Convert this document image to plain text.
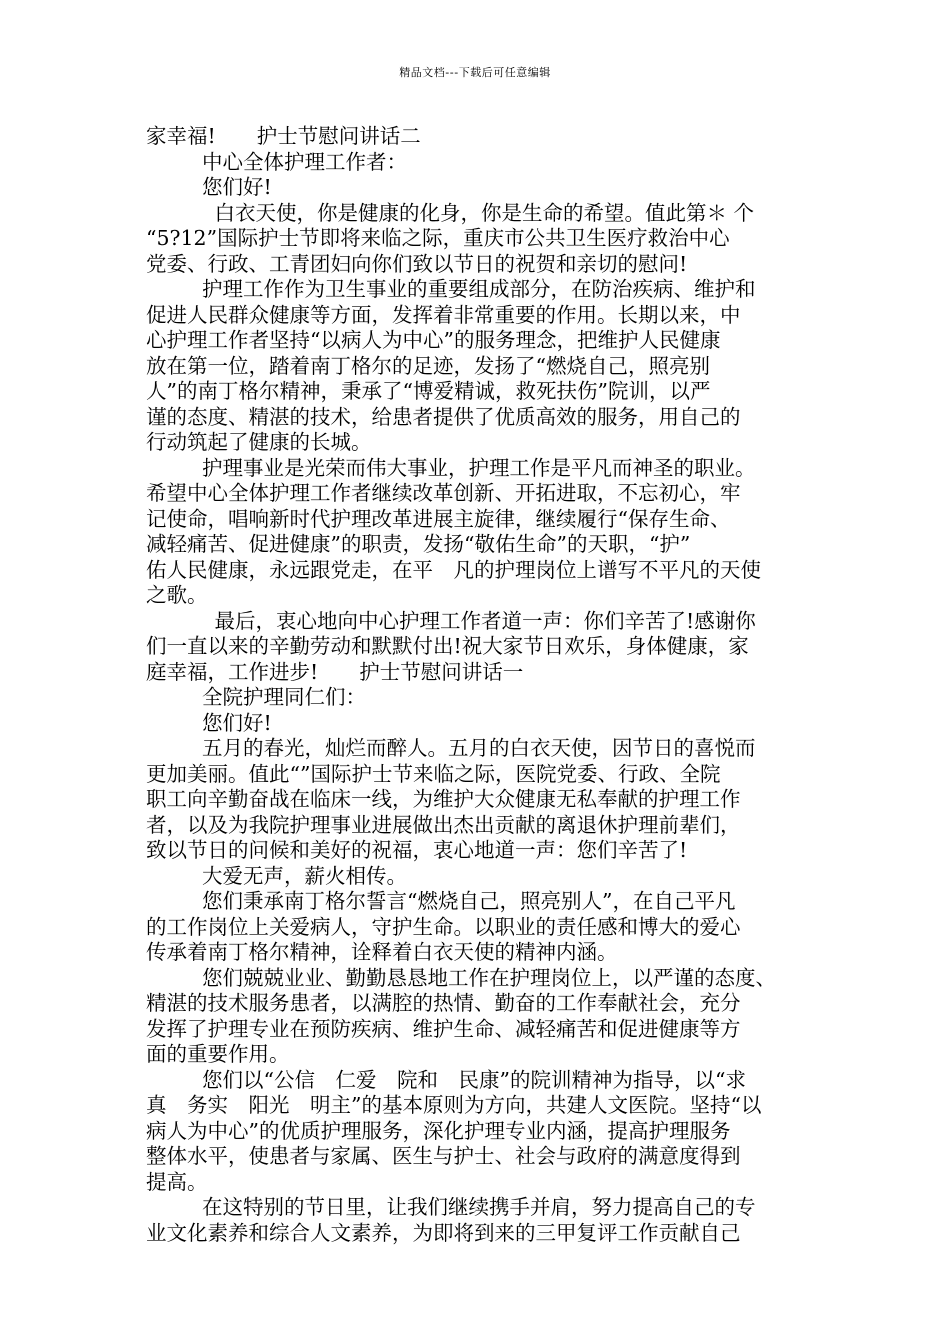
精品文档---下载后可任意编辑
家幸福!　　护士节慰问讲话二
中心全体护理工作者：
您们好!
白衣天使，你是健康的化身，你是生命的希望。值此第＊ 个
“5?12”国际护士节即将来临之际，重庆市公共卫生医疗救治中心
党委、行政、工青团妇向你们致以节日的祝贺和亲切的慰问!
护理工作作为卫生事业的重要组成部分，在防治疾病、维护和
促进人民群众健康等方面，发挥着非常重要的作用。长期以来，中
心护理工作者坚持“以病人为中心”的服务理念，把维护人民健康
放在第一位，踏着南丁格尔的足迹，发扬了“燃烧自己，照亮别
人”的南丁格尔精神，秉承了“博爱精诚，救死扶伤”院训，以严
谨的态度、精湛的技术，给患者提供了优质高效的服务，用自己的
行动筑起了健康的长城。
护理事业是光荣而伟大事业，护理工作是平凡而神圣的职业。
希望中心全体护理工作者继续改革创新、开拓进取，不忘初心，牢
记使命，唱响新时代护理改革进展主旋律，继续履行“保存生命、
减轻痛苦、促进健康”的职责，发扬“敬佑生命”的天职，“护”
佑人民健康，永远跟党走，在平　凡的护理岗位上谱写不平凡的天使
之歌。
最后，衷心地向中心护理工作者道一声：你们辛苦了!感谢你
们一直以来的辛勤劳动和默默付出!祝大家节日欢乐，身体健康，家
庭幸福，工作进步!　　护士节慰问讲话一
全院护理同仁们：
您们好!
五月的春光，灿烂而醉人。五月的白衣天使，因节日的喜悦而
更加美丽。值此“”国际护士节来临之际，医院党委、行政、全院
职工向辛勤奋战在临床一线，为维护大众健康无私奉献的护理工作
者，以及为我院护理事业进展做出杰出贡献的离退休护理前辈们，
致以节日的问候和美好的祝福，衷心地道一声：您们辛苦了!
大爱无声，薪火相传。
您们秉承南丁格尔誓言“燃烧自己，照亮别人”，在自己平凡
的工作岗位上关爱病人，守护生命。以职业的责任感和博大的爱心
传承着南丁格尔精神，诠释着白衣天使的精神内涵。
您们兢兢业业、勤勤恳恳地工作在护理岗位上，以严谨的态度、
精湛的技术服务患者，以满腔的热情、勤奋的工作奉献社会，充分
发挥了护理专业在预防疾病、维护生命、减轻痛苦和促进健康等方
面的重要作用。
您们以“公信　仁爱　院和　民康”的院训精神为指导，以“求
真　务实　阳光　明主”的基本原则为方向，共建人文医院。坚持“以
病人为中心”的优质护理服务，深化护理专业内涵，提高护理服务
整体水平，使患者与家属、医生与护士、社会与政府的满意度得到
提高。
在这特别的节日里，让我们继续携手并肩，努力提高自己的专
业文化素养和综合人文素养，为即将到来的三甲复评工作贡献自己
